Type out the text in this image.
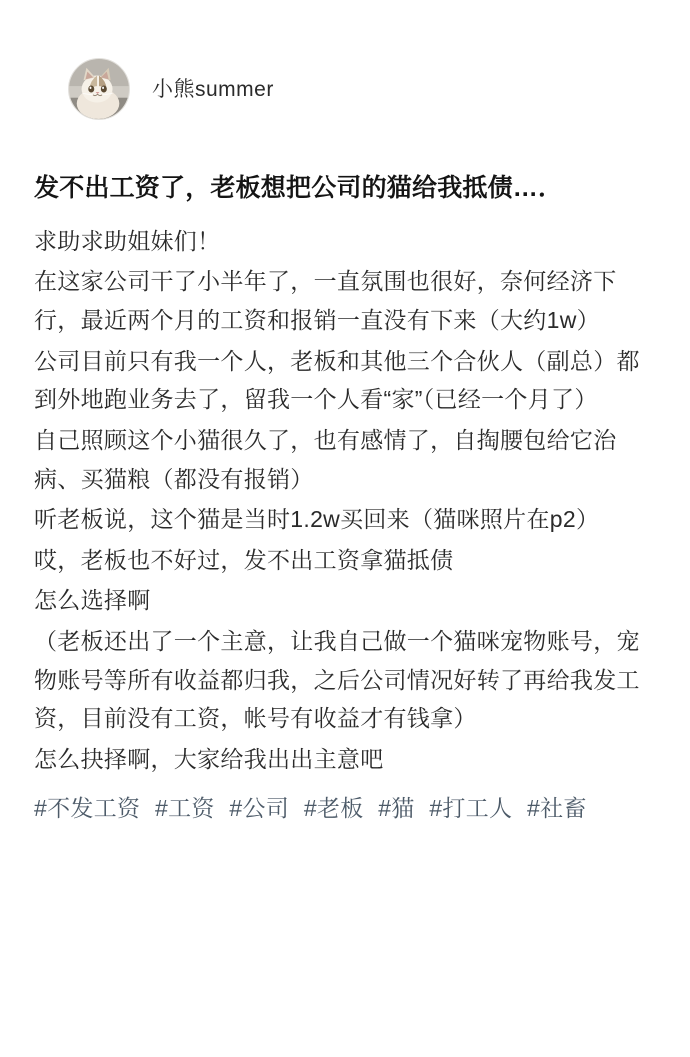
小熊summer
发不出工资了，老板想把公司的猫给我抵债…．

求助求助姐妹们！

在这家公司干了小半年了，一直氛围也很好，奈何经济下行，最近两个月的工资和报销一直没有下来（大约1w）

公司目前只有我一个人，老板和其他三个合伙人（副总）都到外地跑业务去了，留我一个人看“家”（已经一个月了）

自己照顾这个小猫很久了，也有感情了，自掏腰包给它治病、买猫粮（都没有报销）

听老板说，这个猫是当时1.2w买回来（猫咪照片在p2）

哎，老板也不好过，发不出工资拿猫抵债

怎么选择啊

（老板还出了一个主意，让我自己做一个猫咪宠物账号，宠物账号等所有收益都归我，之后公司情况好转了再给我发工资，目前没有工资，帐号有收益才有钱拿）

怎么抉择啊，大家给我出出主意吧

#不发工资 #工资 #公司 #老板 #猫 #打工人 #社畜
